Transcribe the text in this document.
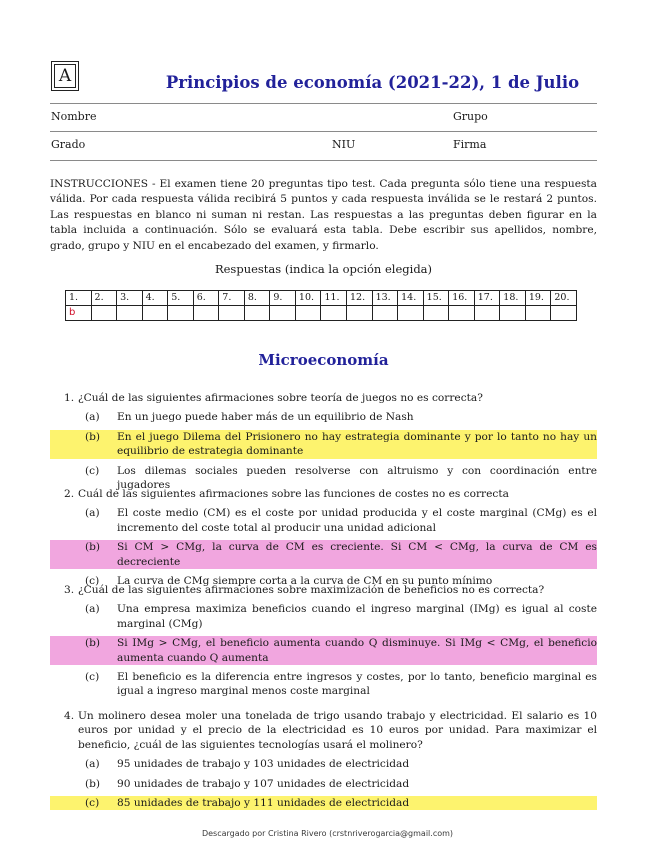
A	Principios de economía (2021-22), 1 de Julio
Nombre	Grupo
Grado	NIU	Firma
INSTRUCCIONES - El examen tiene 20 preguntas tipo test. Cada pregunta sólo tiene una respuesta válida. Por cada respuesta válida recibirá 5 puntos y cada respuesta inválida se le restará 2 puntos. Las respuestas en blanco ni suman ni restan. Las respuestas a las preguntas deben figurar en la tabla incluida a continuación. Sólo se evaluará esta tabla. Debe escribir sus apellidos, nombre, grado, grupo y NIU en el encabezado del examen, y firmarlo.
Respuestas (indica la opción elegida)
1.	2.	3.	4.	5.	6.	7.	8.	9.	10.	11.	12.	13.	14.	15.	16.	17.	18.	19.	20.
b																			
Microeconomía
1. ¿Cuál de las siguientes afirmaciones sobre teoría de juegos no es correcta?
(a) En un juego puede haber más de un equilibrio de Nash
(b) En el juego Dilema del Prisionero no hay estrategia dominante y por lo tanto no hay un equilibrio de estrategia dominante
(c) Los dilemas sociales pueden resolverse con altruismo y con coordinación entre jugadores
2. Cuál de las siguientes afirmaciones sobre las funciones de costes no es correcta
(a) El coste medio (CM) es el coste por unidad producida y el coste marginal (CMg) es el incremento del coste total al producir una unidad adicional
(b) Si CM > CMg, la curva de CM es creciente. Si CM < CMg, la curva de CM es decreciente
(c) La curva de CMg siempre corta a la curva de CM en su punto mínimo
3. ¿Cuál de las siguientes afirmaciones sobre maximización de beneficios no es correcta?
(a) Una empresa maximiza beneficios cuando el ingreso marginal (IMg) es igual al coste marginal (CMg)
(b) Si IMg > CMg, el beneficio aumenta cuando Q disminuye. Si IMg < CMg, el beneficio aumenta cuando Q aumenta
(c) El beneficio es la diferencia entre ingresos y costes, por lo tanto, beneficio marginal es igual a ingreso marginal menos coste marginal
4. Un molinero desea moler una tonelada de trigo usando trabajo y electricidad. El salario es 10 euros por unidad y el precio de la electricidad es 10 euros por unidad. Para maximizar el beneficio, ¿cuál de las siguientes tecnologías usará el molinero?
(a) 95 unidades de trabajo y 103 unidades de electricidad
(b) 90 unidades de trabajo y 107 unidades de electricidad
(c) 85 unidades de trabajo y 111 unidades de electricidad
Descargado por Cristina Rivero (crstnriverogarcia@gmail.com)
